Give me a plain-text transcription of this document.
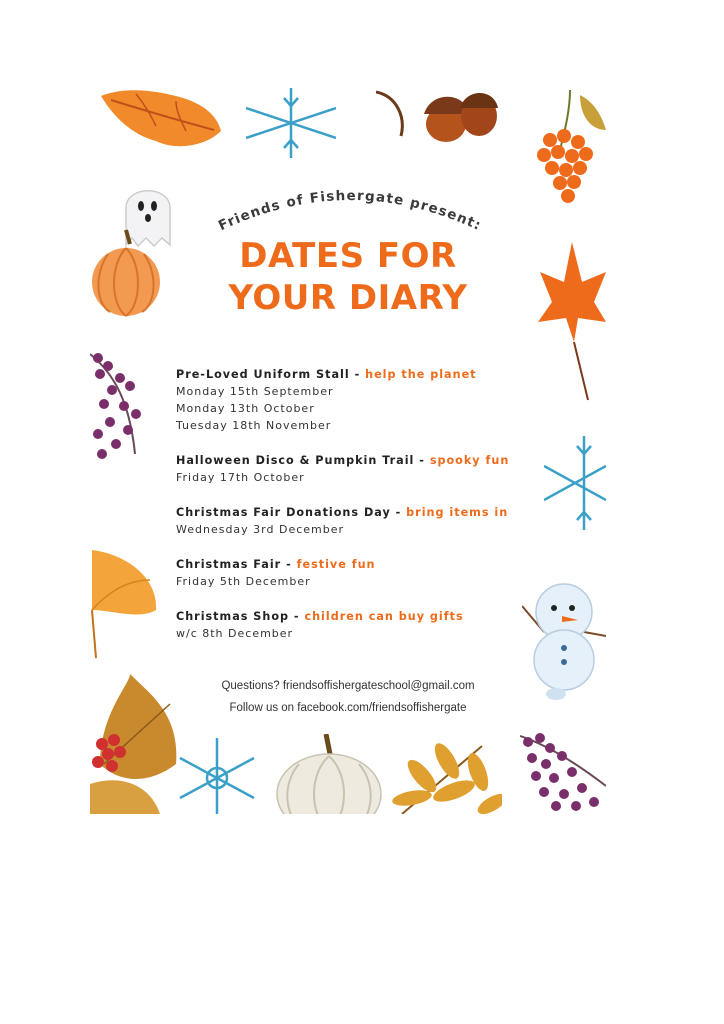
Friends of Fishergate present:
DATES FOR
YOUR DIARY
Pre-Loved Uniform Stall - help the planet
Monday 15th September
Monday 13th October
Tuesday 18th November
Halloween Disco & Pumpkin Trail - spooky fun
Friday 17th October
Christmas Fair Donations Day - bring items in
Wednesday 3rd December
Christmas Fair - festive fun
Friday 5th December
Christmas Shop - children can buy gifts
w/c 8th December
Questions? friendsoffishergateschool@gmail.com
Follow us on facebook.com/friendsoffishergate
